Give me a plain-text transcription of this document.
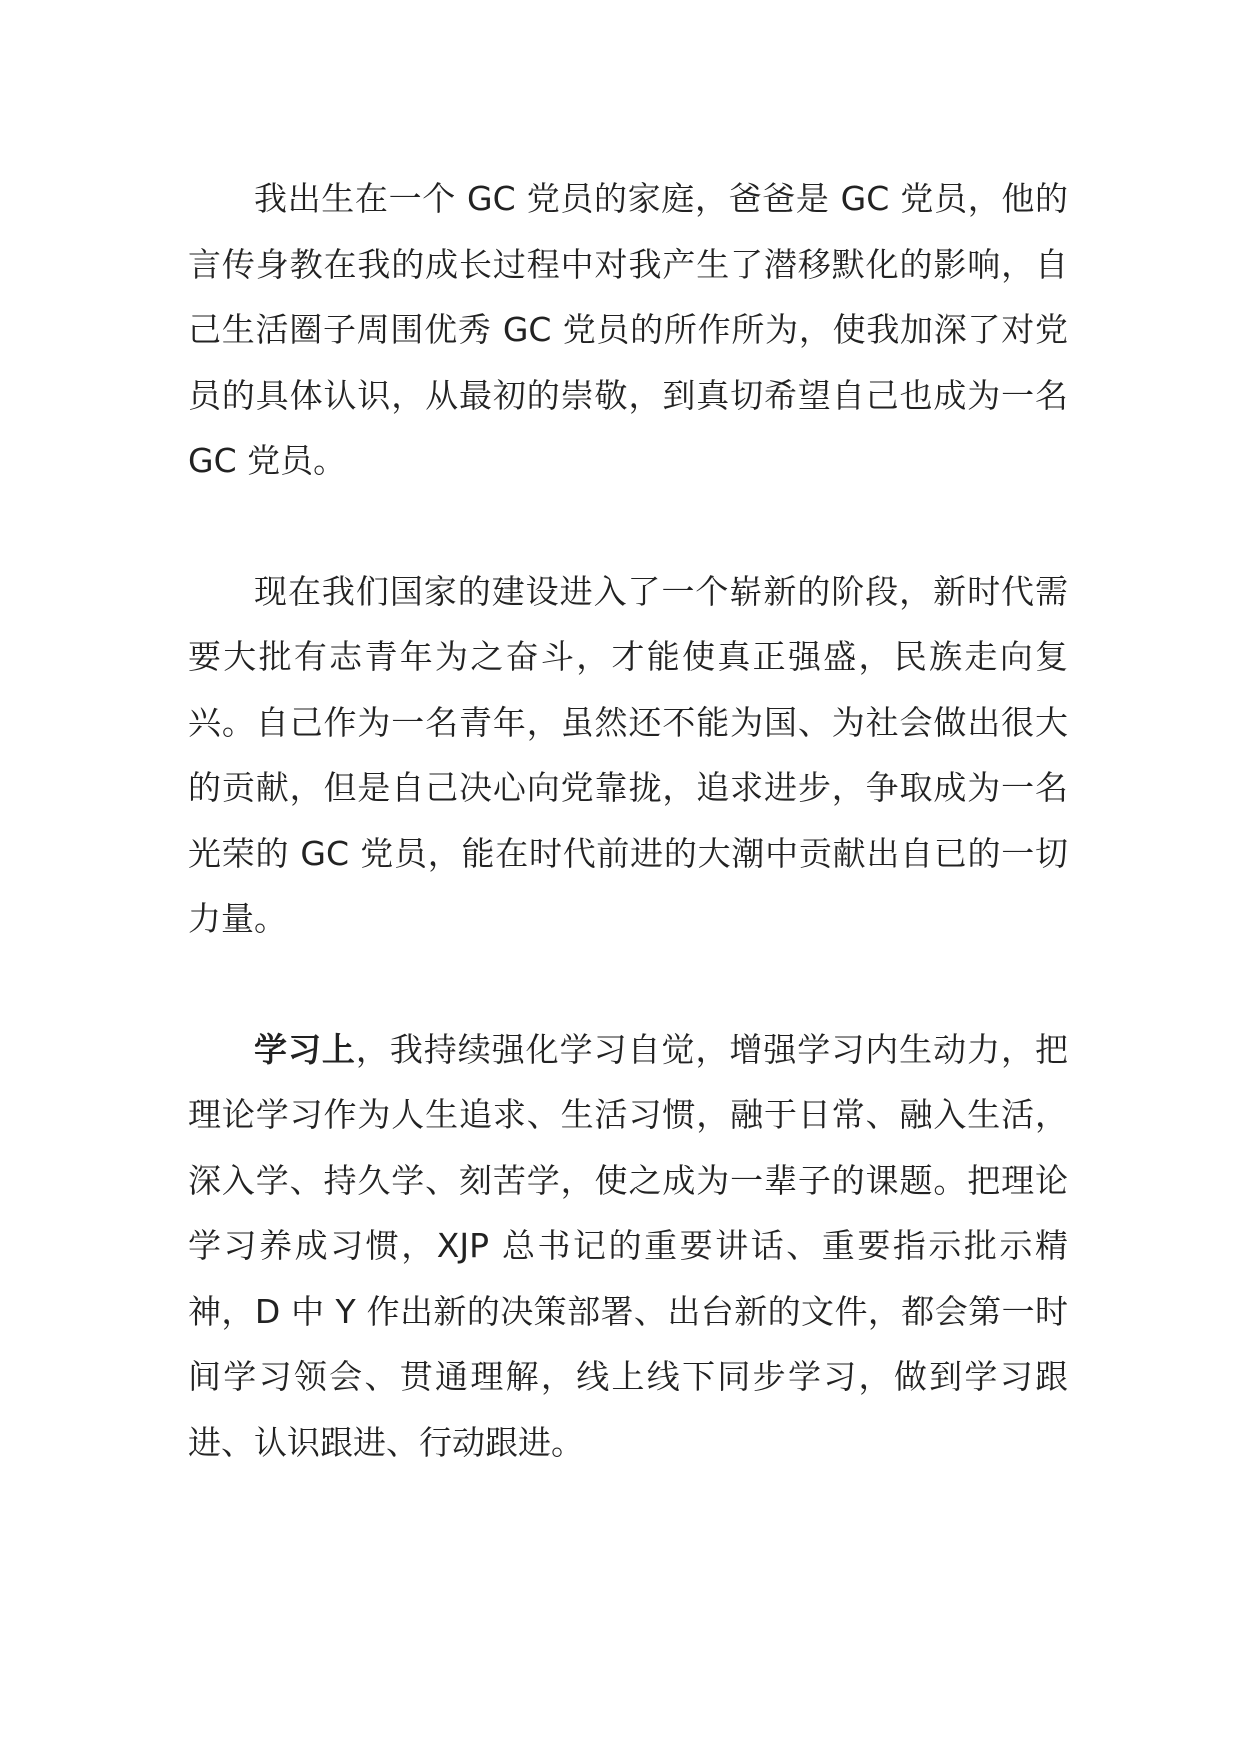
我出生在一个 GC 党员的家庭，爸爸是 GC 党员，他的言传身教在我的成长过程中对我产生了潜移默化的影响，自己生活圈子周围优秀 GC 党员的所作所为，使我加深了对党员的具体认识，从最初的崇敬，到真切希望自己也成为一名 GC 党员。

现在我们国家的建设进入了一个崭新的阶段，新时代需要大批有志青年为之奋斗，才能使真正强盛，民族走向复兴。自己作为一名青年，虽然还不能为国、为社会做出很大的贡献，但是自己决心向党靠拢，追求进步，争取成为一名光荣的 GC 党员，能在时代前进的大潮中贡献出自已的一切力量。

学习上，我持续强化学习自觉，增强学习内生动力，把理论学习作为人生追求、生活习惯，融于日常、融入生活，深入学、持久学、刻苦学，使之成为一辈子的课题。把理论学习养成习惯，XJP 总书记的重要讲话、重要指示批示精神，D 中 Y 作出新的决策部署、出台新的文件，都会第一时间学习领会、贯通理解，线上线下同步学习，做到学习跟进、认识跟进、行动跟进。
